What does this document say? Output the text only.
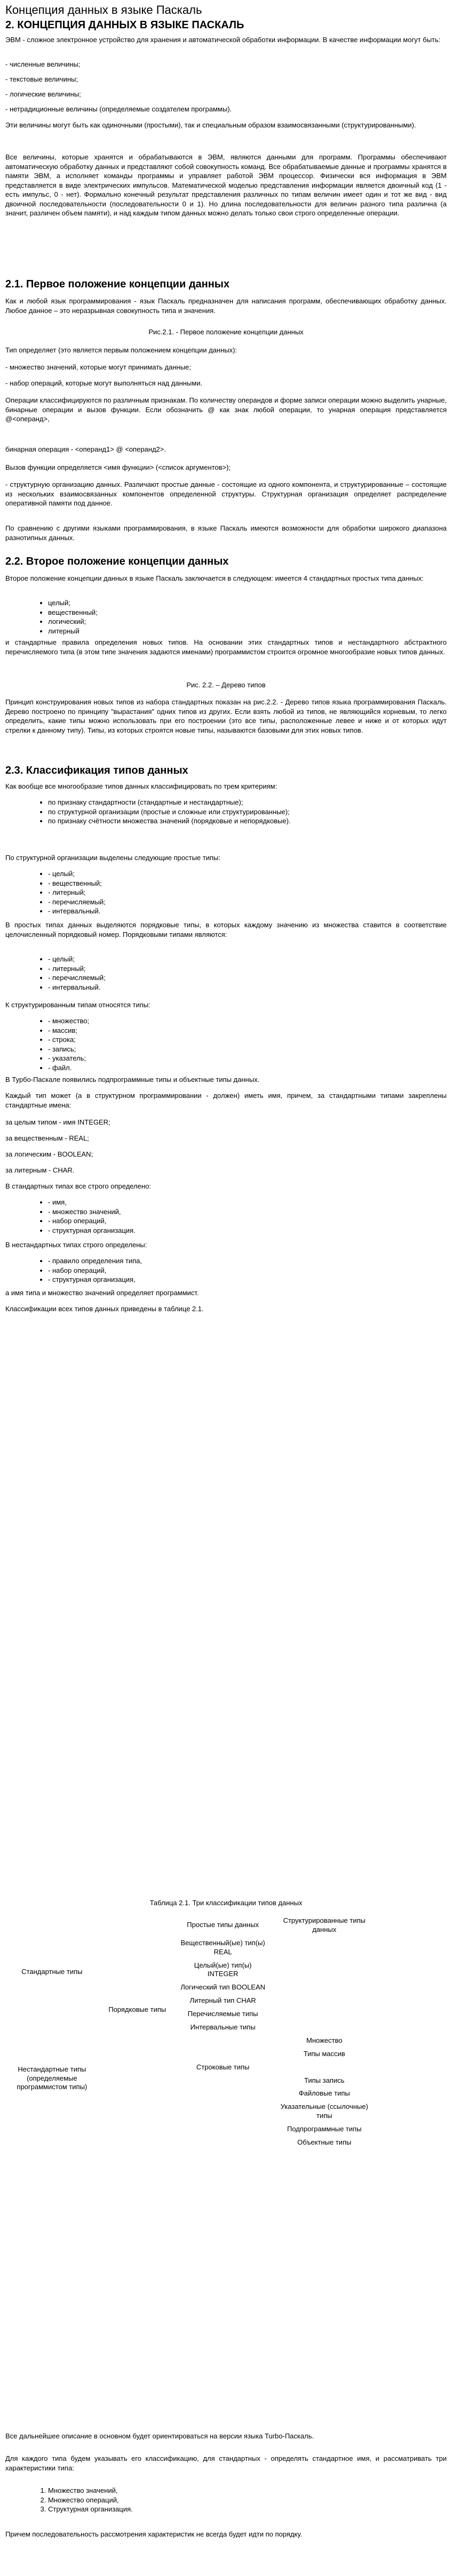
Концепция данных в языке Паскаль
2. КОНЦЕПЦИЯ ДАННЫХ В ЯЗЫКЕ ПАСКАЛЬ

ЭВМ - сложное электронное устройство для хранения и автоматической обработки информации. В качестве информации могут быть:

- численные величины;

- текстовые величины;

- логические величины;

- нетрадиционные величины (определяемые создателем программы).

Эти величины могут быть как одиночными (простыми), так и специальным образом взаимосвязанными (структурированными).

Все величины, которые хранятся и обрабатываются в ЭВМ, являются данными для программ. Программы обеспечивают автоматическую обработку данных и представляют собой совокупность команд. Все обрабатываемые данные и программы хранятся в памяти ЭВМ, а исполняет команды программы и управляет работой ЭВМ процессор. Физически вся информация в ЭВМ представляется в виде электрических импульсов. Математической моделью представления информации является двоичный код (1 - есть импульс, 0 - нет). Формально конечный результат представления различных по типам величин имеет один и тот же вид - вид двоичной последовательности (последовательности 0 и 1). Но длина последовательности для величин разного типа различна (а значит, различен объем памяти), и над каждым типом данных можно делать только свои строго определенные операции.

2.1. Первое положение концепции данных

Как и любой язык программирования - язык Паскаль предназначен для написания программ, обеспечивающих обработку данных. Любое данное – это неразрывная совокупность типа и значения.

Рис.2.1. - Первое положение концепции данных

Тип определяет (это является первым положением концепции данных):

- множество значений, которые могут принимать данные;

- набор операций, которые могут выполняться над данными.

Операции классифицируются по различным признакам. По количеству операндов и форме записи операции можно выделить унарные, бинарные операции и вызов функции. Если обозначить @ как знак любой операции, то унарная операция представляется @<операнд>,

бинарная операция - <операнд1> @ <операнд2>.

Вызов функции определяется <имя функции> (<список аргументов>);

- структурную организацию данных. Различают простые данные - состоящие из одного компонента, и структурированные – состоящие из нескольких взаимосвязанных компонентов определенной структуры. Структурная организация определяет распределение оперативной памяти под данное.

По сравнению с другими языками программирования, в языке Паскаль имеются возможности для обработки широкого диапазона разнотипных данных.

2.2. Второе положение концепции данных

Второе положение концепции данных в языке Паскаль заключается в следующем: имеется 4 стандартных простых типа данных:

• целый;
• вещественный;
• логический;
• литерный

и стандартные правила определения новых типов. На основании этих стандартных типов и нестандартного абстрактного перечисляемого типа (в этом типе значения задаются именами) программистом строится огромное многообразие новых типов данных.

Рис. 2.2. – Дерево типов

Принцип конструирования новых типов из набора стандартных показан на рис.2.2. - Дерево типов языка программирования Паскаль. Дерево построено по принципу "вырастания" одних типов из других. Если взять любой из типов, не являющийся корневым, то легко определить, какие типы можно использовать при его построении (это все типы, расположенные левее и ниже и от которых идут стрелки к данному типу). Типы, из которых строятся новые типы, называются базовыми для этих новых типов.

2.3. Классификация типов данных

Как вообще все многообразие типов данных классифицировать по трем критериям:

• по признаку стандартности (стандартные и нестандартные);
• по структурной организации (простые и сложные или структурированные);
• по признаку счётности множества значений (порядковые и непорядковые).

По структурной организации выделены следующие простые типы:

• - целый;
• - вещественный;
• - литерный;
• - перечисляемый;
• - интервальный.

В простых типах данных выделяются порядковые типы, в которых каждому значению из множества ставится в соответствие целочисленный порядковый номер. Порядковыми типами являются:

• - целый;
• - литерный;
• - перечисляемый;
• - интервальный.

К структурированным типам относятся типы:

• - множество;
• - массив;
• - строка;
• - запись;
• - указатель;
• - файл.

В Турбо-Паскале появились подпрограммные типы и объектные типы данных.

Каждый тип может (а в структурном программировании - должен) иметь имя, причем, за стандартными типами закреплены стандартные имена:

за целым типом - имя INTEGER;

за вещественным - REAL;

за логическим - BOOLEAN;

за литерным - CHAR.

В стандартных типах все строго определено:

• - имя,
• - множество значений,
• - набор операций,
• - структурная организация.

В нестандартных типах строго определены:

• - правило определения типа,
• - набор операций,
• - структурная организация,

а имя типа и множество значений определяет программист.

Классификации всех типов данных приведены в таблице 2.1.

Таблица 2.1. Три классификации типов данных
		Простые типы данных	Структурированные типы данных
Стандартные типы		Вещественный(ые) тип(ы) REAL	
	Порядковые типы	Целый(ые) тип(ы) INTEGER	
		Логический тип BOOLEAN	
		Литерный тип CHAR	
Нестандартные типы (определяемые программистом типы)		Перечисляемые типы	
		Интервальные типы	
			Множество
			Типы массив
		Строковые типы	
			Типы запись
			Файловые типы
			Указательные (ссылочные) типы
			Подпрограммные типы
			Объектные типы

Все дальнейшее описание в основном будет ориентироваться на версии языка Turbo-Паскаль.

Для каждого типа будем указывать его классификацию, для стандартных - определять стандартное имя, и рассматривать три характеристики типа:

1. Множество значений,
2. Множество операций,
3. Структурная организация.

Причем последовательность рассмотрения характеристик не всегда будет идти по порядку.
